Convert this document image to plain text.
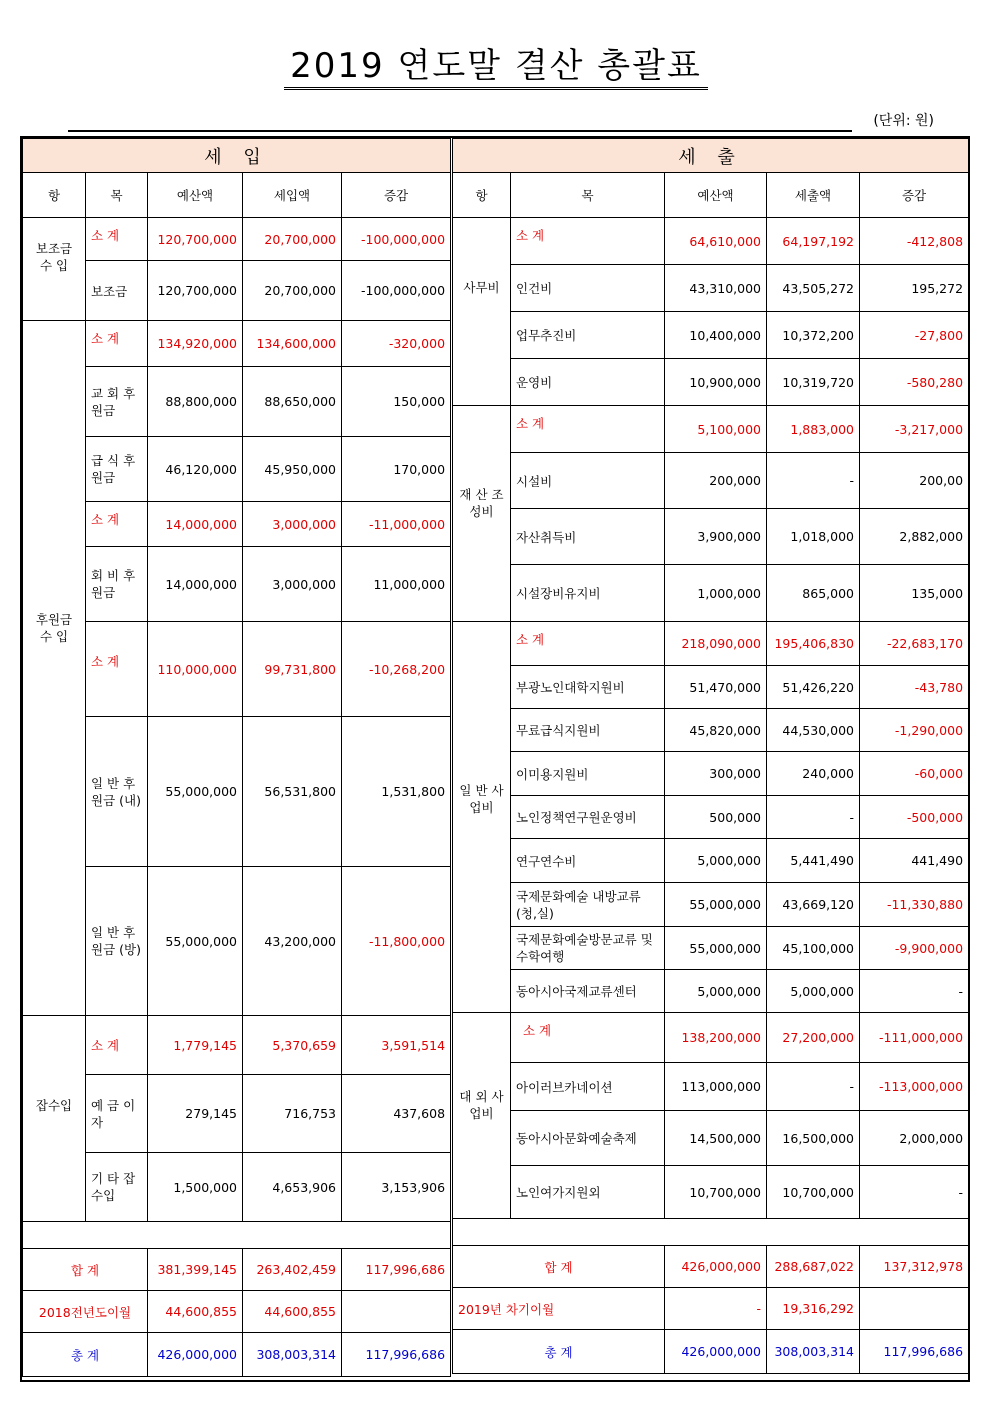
2019 연도말 결산 총괄표
(단위: 원)
세 입				
항	목	예산액	세입액	증감
보조금 수 입	소 계	120,700,000	20,700,000	-100,000,000
	보조금	120,700,000	20,700,000	-100,000,000
후원금 수 입	소 계	134,920,000	134,600,000	-320,000
	교 회 후원금	88,800,000	88,650,000	150,000
	급 식 후원금	46,120,000	45,950,000	170,000
	소 계	14,000,000	3,000,000	-11,000,000
	회 비 후원금	14,000,000	3,000,000	11,000,000
	소 계	110,000,000	99,731,800	-10,268,200
	일 반 후원금 (내)	55,000,000	56,531,800	1,531,800
	일 반 후원금 (방)	55,000,000	43,200,000	-11,800,000
잡수입	소 계	1,779,145	5,370,659	3,591,514
	예 금 이 자	279,145	716,753	437,608
	기 타 잡수입	1,500,000	4,653,906	3,153,906

합 계		381,399,145	263,402,459	117,996,686
2018전년도이월		44,600,855	44,600,855	
총 계		426,000,000	308,003,314	117,996,686
세 출				
항	목	예산액	세출액	증감
사무비	소 계	64,610,000	64,197,192	-412,808
	인건비	43,310,000	43,505,272	195,272
	업무추진비	10,400,000	10,372,200	-27,800
	운영비	10,900,000	10,319,720	-580,280
재 산 조성비	소 계	5,100,000	1,883,000	-3,217,000
	시설비	200,000	-	200,00
	자산취득비	3,900,000	1,018,000	2,882,000
	시설장비유지비	1,000,000	865,000	135,000
일 반 사업비	소 계	218,090,000	195,406,830	-22,683,170
	부광노인대학지원비	51,470,000	51,426,220	-43,780
	무료급식지원비	45,820,000	44,530,000	-1,290,000
	이미용지원비	300,000	240,000	-60,000
	노인정책연구원운영비	500,000	-	-500,000
	연구연수비	5,000,000	5,441,490	441,490
	국제문화예술 내방교류(청,실)	55,000,000	43,669,120	-11,330,880
	국제문화예술방문교류 및수학여행	55,000,000	45,100,000	-9,900,000
	동아시아국제교류센터	5,000,000	5,000,000	-
대 외 사업비	소 계	138,200,000	27,200,000	-111,000,000
	아이러브카네이션	113,000,000	-	-113,000,000
	동아시아문화예술축제	14,500,000	16,500,000	2,000,000
	노인여가지원외	10,700,000	10,700,000	-

합 계		426,000,000	288,687,022	137,312,978
2019년 차기이월		-	19,316,292	
총 계		426,000,000	308,003,314	117,996,686
